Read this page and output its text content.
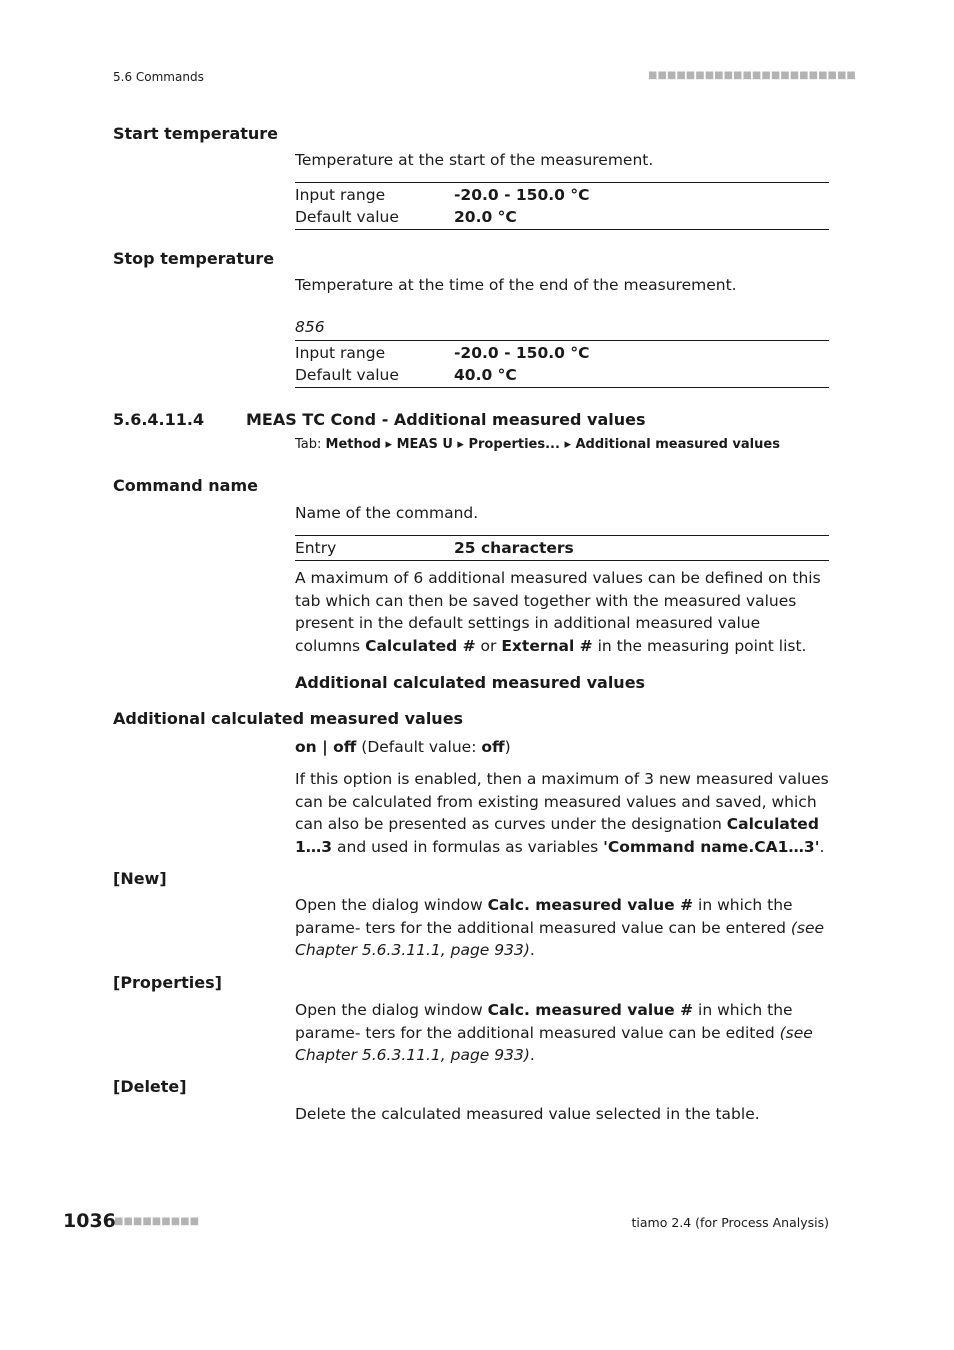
5.6 Commands	■■■■■■■■■■■■■■■■■■■■■■
Start temperature
Temperature at the start of the measurement.
Input range	-20.0 - 150.0 °C
Default value	20.0 °C
Stop temperature
Temperature at the time of the end of the measurement.
856
Input range	-20.0 - 150.0 °C
Default value	40.0 °C
5.6.4.11.4	MEAS TC Cond - Additional measured values
Tab: Method ▸ MEAS U ▸ Properties... ▸ Additional measured values
Command name
Name of the command.
Entry	25 characters
A maximum of 6 additional measured values can be defined on this tab which can then be saved together with the measured values present in the default settings in additional measured value columns Calculated # or External # in the measuring point list.
Additional calculated measured values
Additional calculated measured values
on | off (Default value: off)
If this option is enabled, then a maximum of 3 new measured values can be calculated from existing measured values and saved, which can also be presented as curves under the designation Calculated 1…3 and used in formulas as variables 'Command name.CA1…3'.
[New]
Open the dialog window Calc. measured value # in which the parame- ters for the additional measured value can be entered (see Chapter 5.6.3.11.1, page 933).
[Properties]
Open the dialog window Calc. measured value # in which the parame- ters for the additional measured value can be edited (see Chapter 5.6.3.11.1, page 933).
[Delete]
Delete the calculated measured value selected in the table.
1036
■■■■■■■■■	tiamo 2.4 (for Process Analysis)
